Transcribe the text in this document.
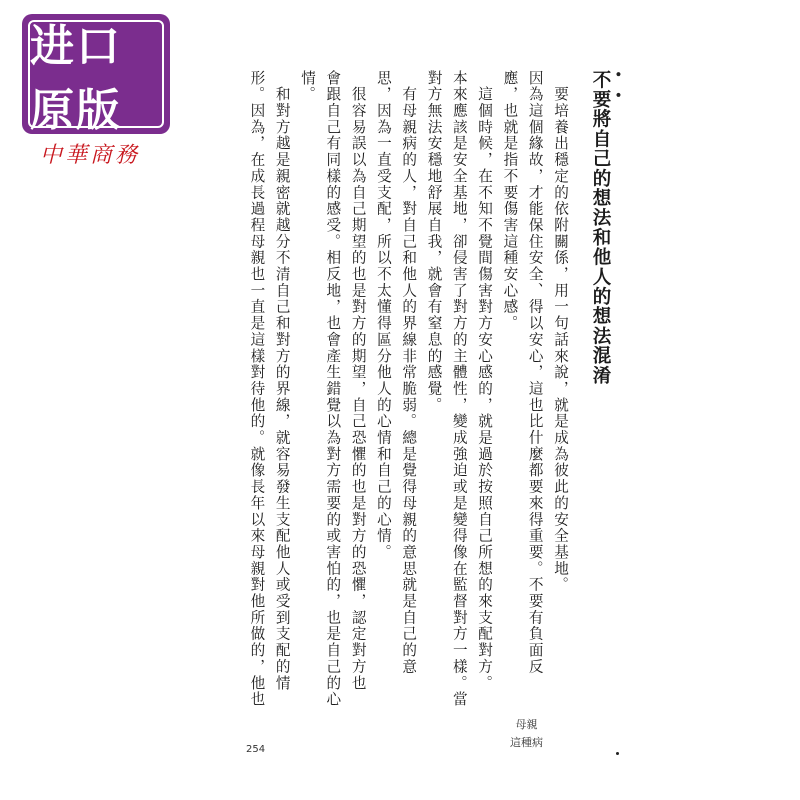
进口原版
中華商務
• •

不要將自己的想法和他人的想法混淆

　要培養出穩定的依附關係，用一句話來說，就是成為彼此的安全基地。

因為這個緣故，才能保住安全、得以安心，這也比什麼都要來得重要。不要有負面反

應，也就是指不要傷害這種安心感。

　這個時候，在不知不覺間傷害對方安心感的，就是過於按照自己所想的來支配對方。

本來應該是安全基地，卻侵害了對方的主體性，變成強迫或是變得像在監督對方一樣。當

對方無法安穩地舒展自我，就會有窒息的感覺。

　有母親病的人，對自己和他人的界線非常脆弱。總是覺得母親的意思就是自己的意

思，因為一直受支配，所以不太懂得區分他人的心情和自己的心情。

　很容易誤以為自己期望的也是對方的期望，自己恐懼的也是對方的恐懼，認定對方也

會跟自己有同樣的感受。相反地，也會產生錯覺以為對方需要的或害怕的，也是自己的心

情。

　和對方越是親密就越分不清自己和對方的界線，就容易發生支配他人或受到支配的情

形。因為，在成長過程母親也一直是這樣對待他的。就像長年以來母親對他所做的，他也

母親
這種病
254
